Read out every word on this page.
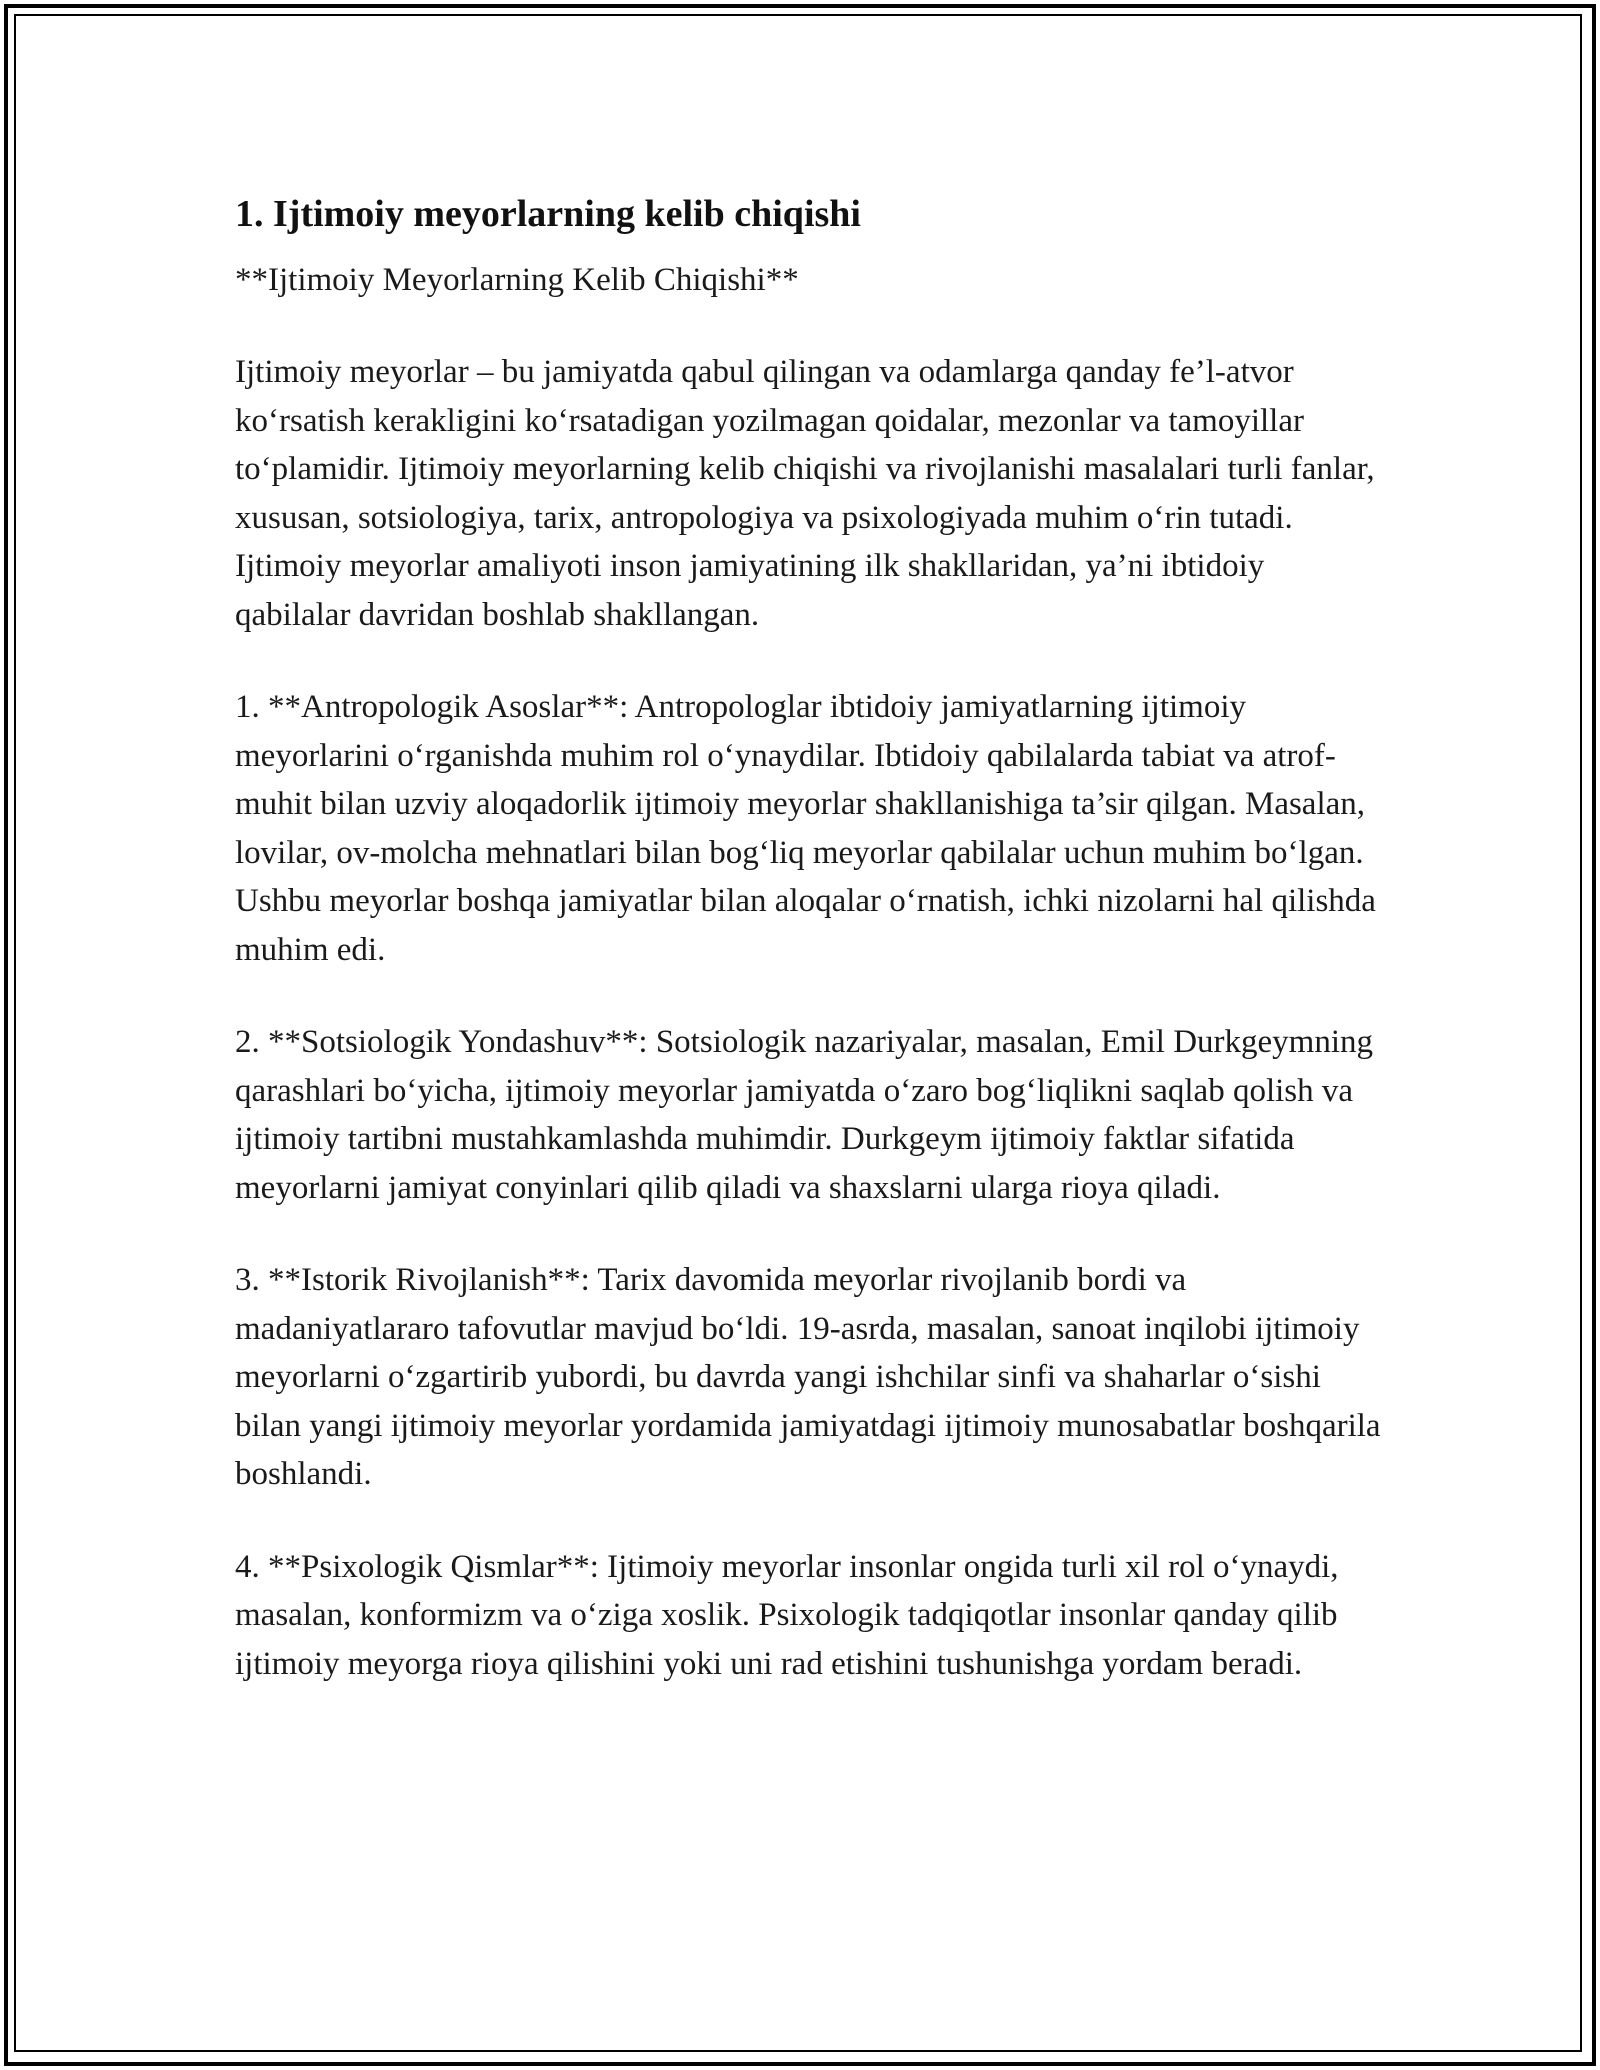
1. Ijtimoiy meyorlarning kelib chiqishi

**Ijtimoiy Meyorlarning Kelib Chiqishi**

Ijtimoiy meyorlar – bu jamiyatda qabul qilingan va odamlarga qanday fe’l-atvor ko‘rsatish kerakligini ko‘rsatadigan yozilmagan qoidalar, mezonlar va tamoyillar to‘plamidir. Ijtimoiy meyorlarning kelib chiqishi va rivojlanishi masalalari turli fanlar, xususan, sotsiologiya, tarix, antropologiya va psixologiyada muhim o‘rin tutadi. Ijtimoiy meyorlar amaliyoti inson jamiyatining ilk shakllaridan, ya’ni ibtidoiy qabilalar davridan boshlab shakllangan.

1. **Antropologik Asoslar**: Antropologlar ibtidoiy jamiyatlarning ijtimoiy meyorlarini o‘rganishda muhim rol o‘ynaydilar. Ibtidoiy qabilalarda tabiat va atrof-muhit bilan uzviy aloqadorlik ijtimoiy meyorlar shakllanishiga ta’sir qilgan. Masalan, lovilar, ov-molcha mehnatlari bilan bog‘liq meyorlar qabilalar uchun muhim bo‘lgan. Ushbu meyorlar boshqa jamiyatlar bilan aloqalar o‘rnatish, ichki nizolarni hal qilishda muhim edi.

2. **Sotsiologik Yondashuv**: Sotsiologik nazariyalar, masalan, Emil Durkgeymning qarashlari bo‘yicha, ijtimoiy meyorlar jamiyatda o‘zaro bog‘liqlikni saqlab qolish va ijtimoiy tartibni mustahkamlashda muhimdir. Durkgeym ijtimoiy faktlar sifatida meyorlarni jamiyat conyinlari qilib qiladi va shaxslarni ularga rioya qiladi.

3. **Istorik Rivojlanish**: Tarix davomida meyorlar rivojlanib bordi va madaniyatlararo tafovutlar mavjud bo‘ldi. 19-asrda, masalan, sanoat inqilobi ijtimoiy meyorlarni o‘zgartirib yubordi, bu davrda yangi ishchilar sinfi va shaharlar o‘sishi bilan yangi ijtimoiy meyorlar yordamida jamiyatdagi ijtimoiy munosabatlar boshqarila boshlandi.

4. **Psixologik Qismlar**: Ijtimoiy meyorlar insonlar ongida turli xil rol o‘ynaydi, masalan, konformizm va o‘ziga xoslik. Psixologik tadqiqotlar insonlar qanday qilib ijtimoiy meyorga rioya qilishini yoki uni rad etishini tushunishga yordam beradi.
